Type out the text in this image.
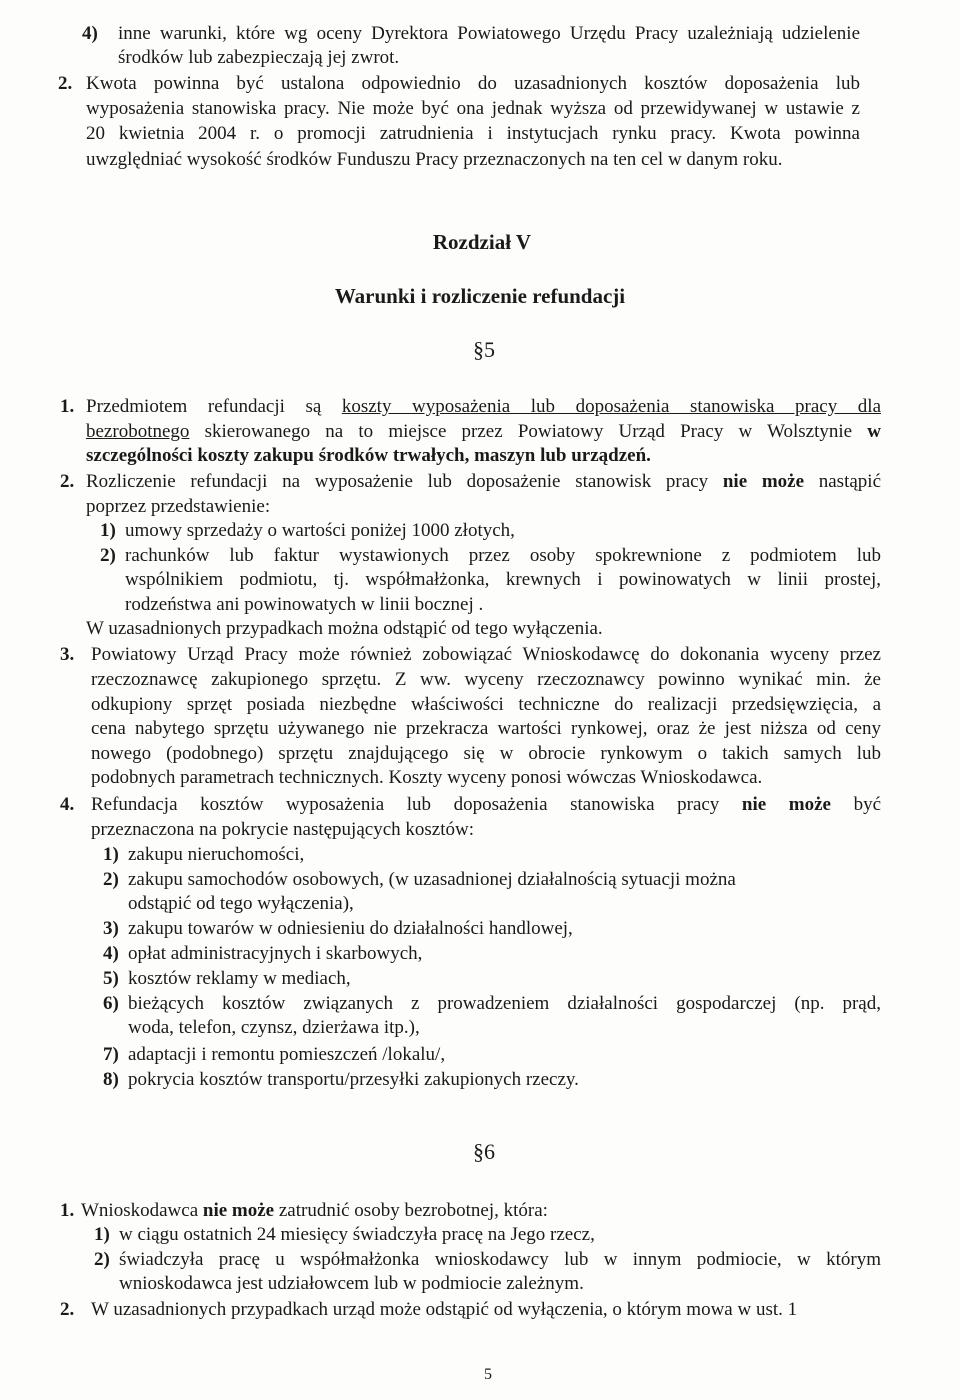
4) inne warunki, które wg oceny Dyrektora Powiatowego Urzędu Pracy uzależniają udzielenie
środków lub zabezpieczają jej zwrot.
2. Kwota powinna być ustalona odpowiednio do uzasadnionych kosztów doposażenia lub
wyposażenia stanowiska pracy. Nie może być ona jednak wyższa od przewidywanej w ustawie z
20 kwietnia 2004 r. o promocji zatrudnienia i instytucjach rynku pracy. Kwota powinna
uwzględniać wysokość środków Funduszu Pracy przeznaczonych na ten cel w danym roku.
Rozdział V
Warunki i rozliczenie refundacji
§5
1. Przedmiotem refundacji są koszty wyposażenia lub doposażenia stanowiska pracy dla
bezrobotnego skierowanego na to miejsce przez Powiatowy Urząd Pracy w Wolsztynie w
szczególności koszty zakupu środków trwałych, maszyn lub urządzeń.
2. Rozliczenie refundacji na wyposażenie lub doposażenie stanowisk pracy nie może nastąpić
poprzez przedstawienie:
1) umowy sprzedaży o wartości poniżej 1000 złotych,
2) rachunków lub faktur wystawionych przez osoby spokrewnione z podmiotem lub
wspólnikiem podmiotu, tj. współmałżonka, krewnych i powinowatych w linii prostej,
rodzeństwa ani powinowatych w linii bocznej .
W uzasadnionych przypadkach można odstąpić od tego wyłączenia.
3. Powiatowy Urząd Pracy może również zobowiązać Wnioskodawcę do dokonania wyceny przez
rzeczoznawcę zakupionego sprzętu. Z ww. wyceny rzeczoznawcy powinno wynikać min. że
odkupiony sprzęt posiada niezbędne właściwości techniczne do realizacji przedsięwzięcia, a
cena nabytego sprzętu używanego nie przekracza wartości rynkowej, oraz że jest niższa od ceny
nowego (podobnego) sprzętu znajdującego się w obrocie rynkowym o takich samych lub
podobnych parametrach technicznych. Koszty wyceny ponosi wówczas Wnioskodawca.
4. Refundacja kosztów wyposażenia lub doposażenia stanowiska pracy nie może być
przeznaczona na pokrycie następujących kosztów:
1) zakupu nieruchomości,
2) zakupu samochodów osobowych, (w uzasadnionej działalnością sytuacji można
odstąpić od tego wyłączenia),
3) zakupu towarów w odniesieniu do działalności handlowej,
4) opłat administracyjnych i skarbowych,
5) kosztów reklamy w mediach,
6) bieżących kosztów związanych z prowadzeniem działalności gospodarczej (np. prąd,
woda, telefon, czynsz, dzierżawa itp.),
7) adaptacji i remontu pomieszczeń /lokalu/,
8) pokrycia kosztów transportu/przesyłki zakupionych rzeczy.
§6
1. Wnioskodawca nie może zatrudnić osoby bezrobotnej, która:
1) w ciągu ostatnich 24 miesięcy świadczyła pracę na Jego rzecz,
2) świadczyła pracę u współmałżonka wnioskodawcy lub w innym podmiocie, w którym
wnioskodawca jest udziałowcem lub w podmiocie zależnym.
2. W uzasadnionych przypadkach urząd może odstąpić od wyłączenia, o którym mowa w ust. 1
5
